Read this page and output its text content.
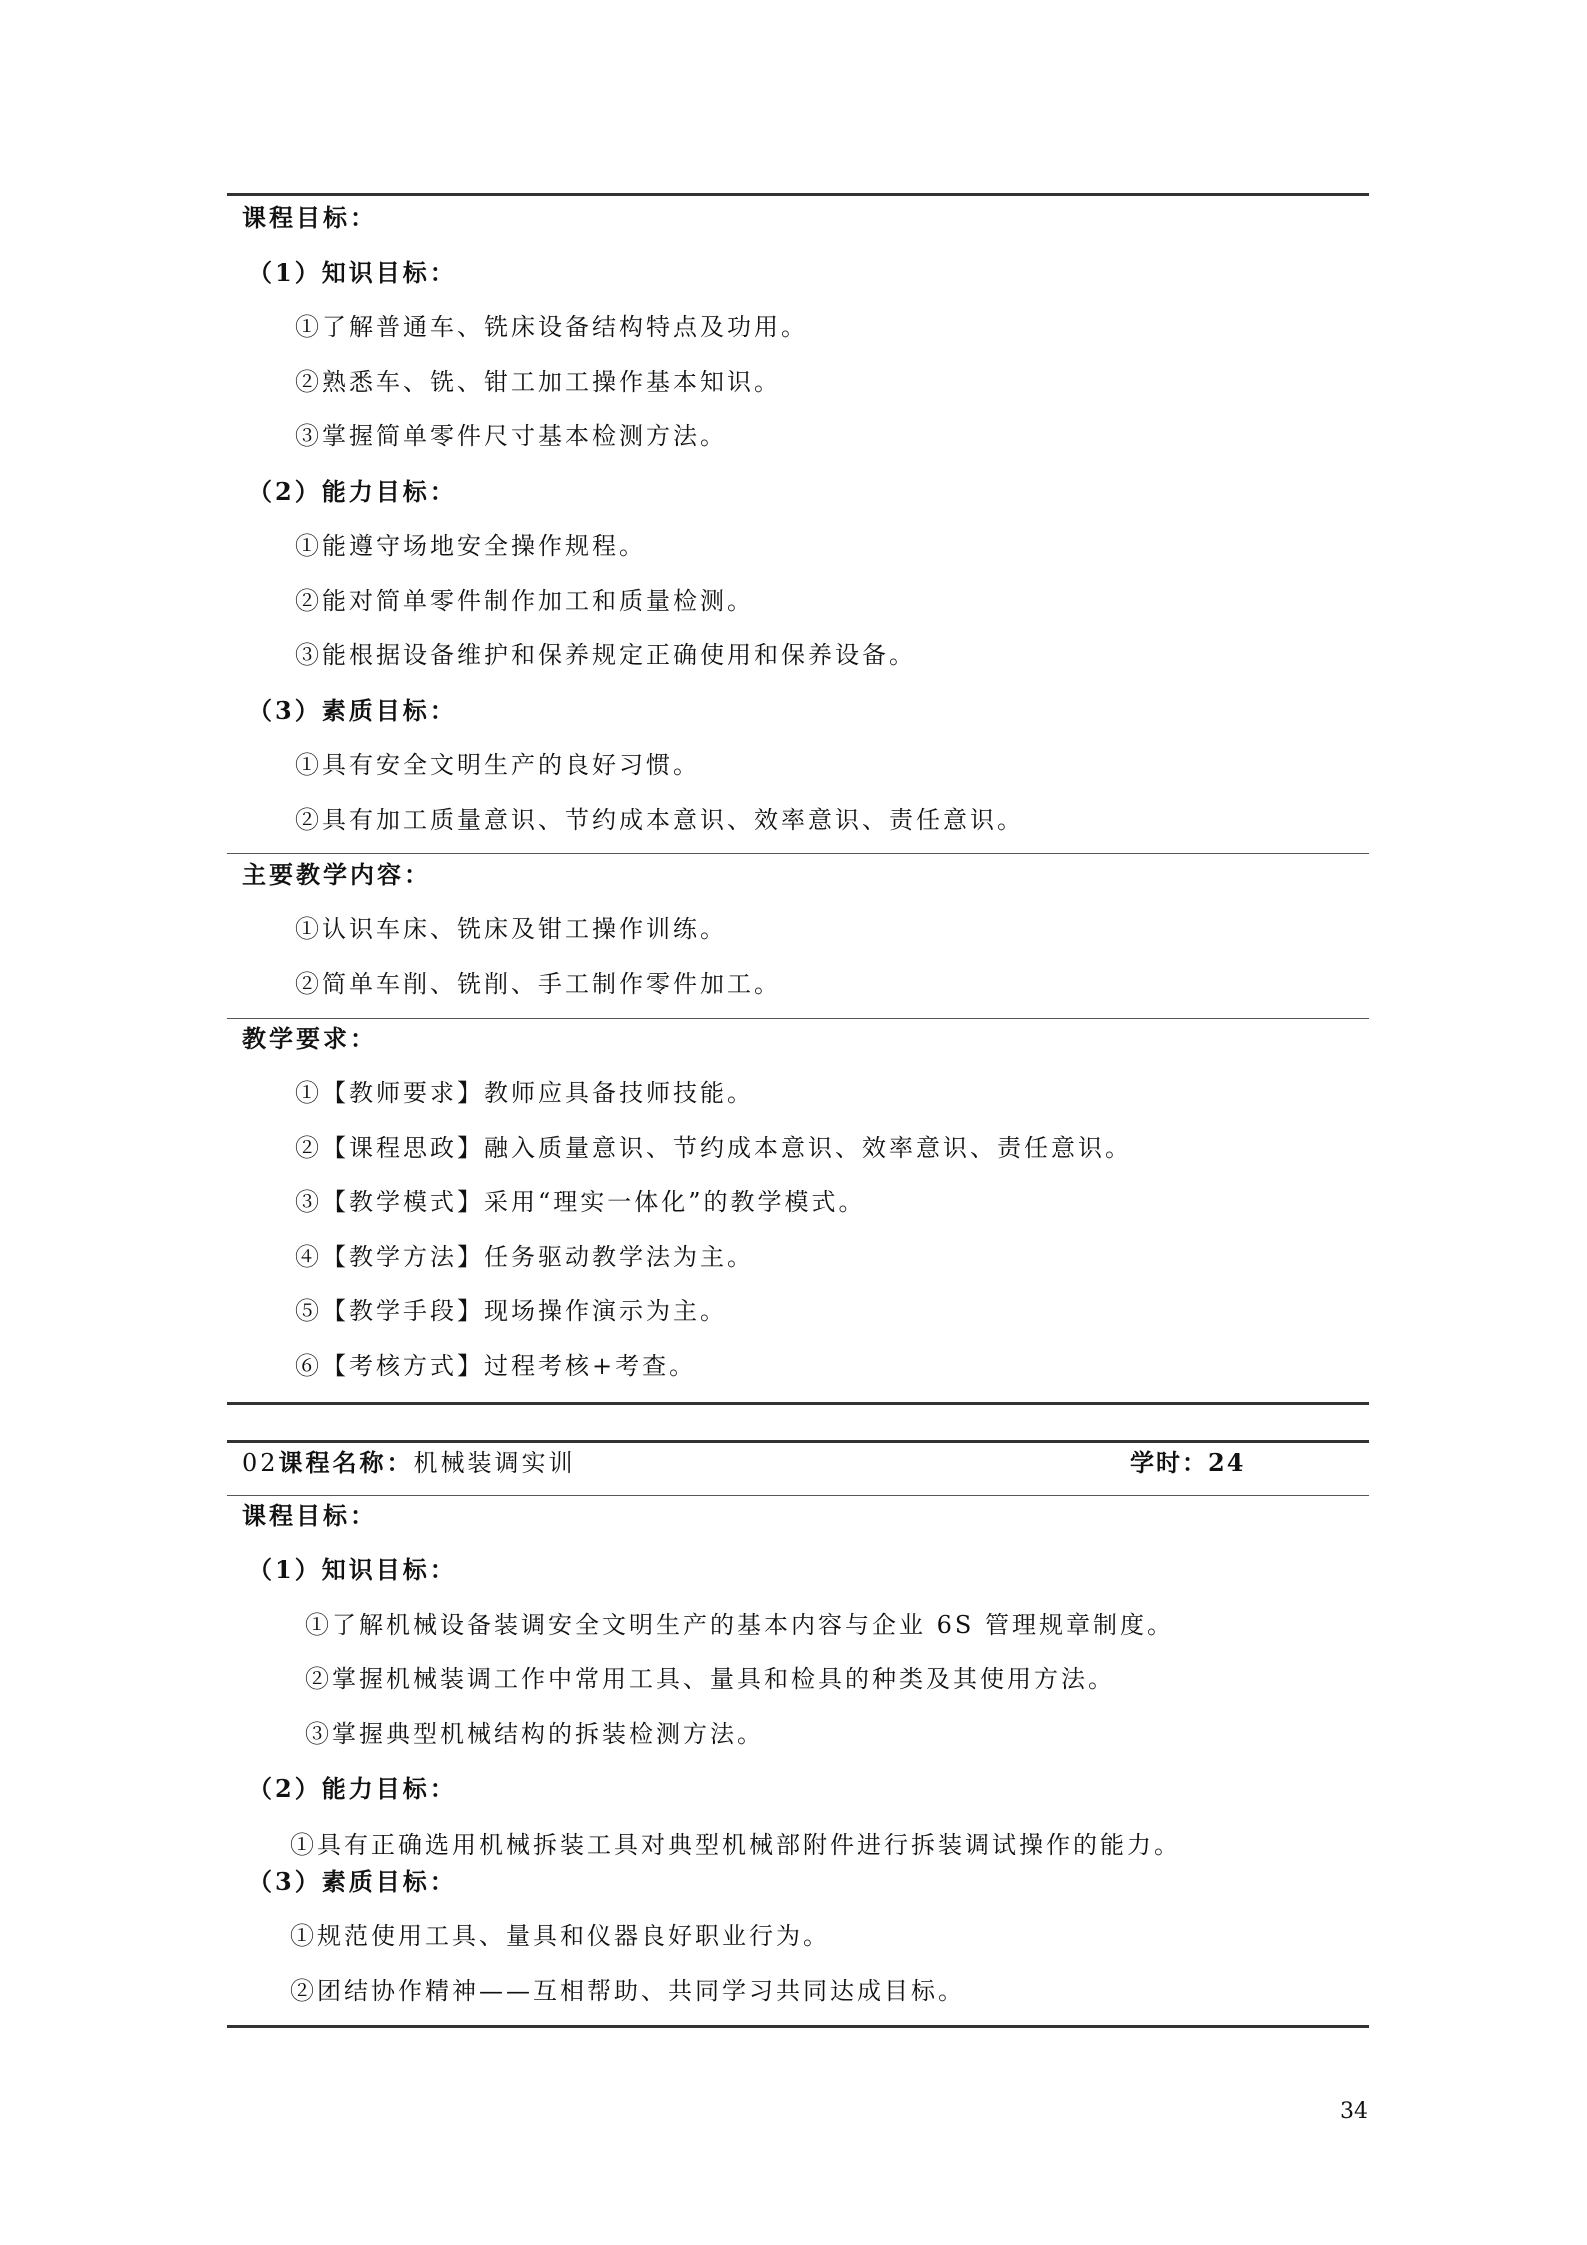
课程目标：
（1）知识目标：
①了解普通车、铣床设备结构特点及功用。
②熟悉车、铣、钳工加工操作基本知识。
③掌握简单零件尺寸基本检测方法。
（2）能力目标：
①能遵守场地安全操作规程。
②能对简单零件制作加工和质量检测。
③能根据设备维护和保养规定正确使用和保养设备。
（3）素质目标：
①具有安全文明生产的良好习惯。
②具有加工质量意识、节约成本意识、效率意识、责任意识。
主要教学内容：
①认识车床、铣床及钳工操作训练。
②简单车削、铣削、手工制作零件加工。
教学要求：
①【教师要求】教师应具备技师技能。
②【课程思政】融入质量意识、节约成本意识、效率意识、责任意识。
③【教学模式】采用“理实一体化”的教学模式。
④【教学方法】任务驱动教学法为主。
⑤【教学手段】现场操作演示为主。
⑥【考核方式】过程考核+考查。
02课程名称：机械装调实训	学时：24
课程目标：
（1）知识目标：
①了解机械设备装调安全文明生产的基本内容与企业 6S 管理规章制度。
②掌握机械装调工作中常用工具、量具和检具的种类及其使用方法。
③掌握典型机械结构的拆装检测方法。
（2）能力目标：
①具有正确选用机械拆装工具对典型机械部附件进行拆装调试操作的能力。
（3）素质目标：
①规范使用工具、量具和仪器良好职业行为。
②团结协作精神——互相帮助、共同学习共同达成目标。
34
